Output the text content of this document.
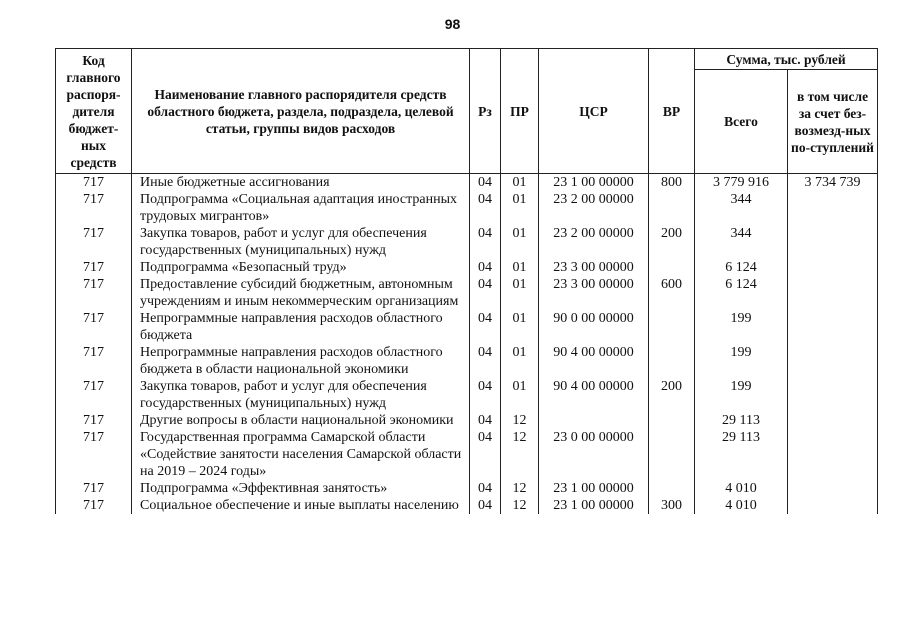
98
Код главного распоря-дителя бюджет-ных средств	Наименование главного распорядителя средств областного бюджета, раздела, подраздела, целевой статьи, группы видов расходов	Рз	ПР	ЦСР	ВР	Сумма, тыс. рублей	
						Всего	в том числе за счет без-возмезд-ных по-ступлений
717	Иные бюджетные ассигнования	04	01	23 1 00 00000	800	3 779 916	3 734 739
717	Подпрограмма «Социальная адаптация иностранных трудовых мигрантов»	04	01	23 2 00 00000		344	
717	Закупка товаров, работ и услуг для обеспечения государственных (муниципальных) нужд	04	01	23 2 00 00000	200	344	
717	Подпрограмма «Безопасный труд»	04	01	23 3 00 00000		6 124	
717	Предоставление субсидий бюджетным, автономным учреждениям и иным некоммерческим организациям	04	01	23 3 00 00000	600	6 124	
717	Непрограммные направления расходов областного бюджета	04	01	90 0 00 00000		199	
717	Непрограммные направления расходов областного бюджета в области национальной экономики	04	01	90 4 00 00000		199	
717	Закупка товаров, работ и услуг для обеспечения государственных (муниципальных) нужд	04	01	90 4 00 00000	200	199	
717	Другие вопросы в области национальной экономики	04	12			29 113	
717	Государственная программа Самарской области «Содействие занятости населения Самарской области на 2019 – 2024 годы»	04	12	23 0 00 00000		29 113	
717	Подпрограмма «Эффективная занятость»	04	12	23 1 00 00000		4 010	
717	Социальное обеспечение и иные выплаты населению	04	12	23 1 00 00000	300	4 010	
